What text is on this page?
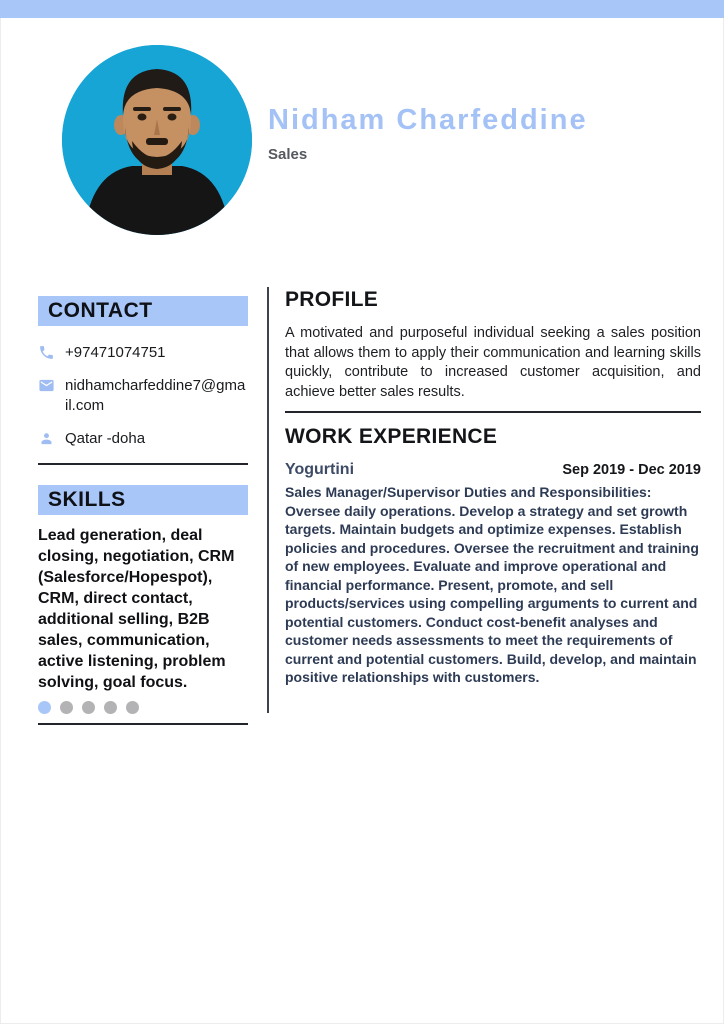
Nidham Charfeddine
Sales
CONTACT
+97471074751
nidhamcharfeddine7@gmail.com
Qatar -doha
SKILLS
Lead generation, deal closing, negotiation, CRM (Salesforce/Hopespot), CRM, direct contact, additional selling, B2B sales, communication, active listening, problem solving, goal focus.
PROFILE

A motivated and purposeful individual seeking a sales position that allows them to apply their communication and learning skills quickly, contribute to increased customer acquisition, and achieve better sales results.

WORK EXPERIENCE
Yogurtini	Sep 2019 - Dec 2019

Sales Manager/Supervisor Duties and Responsibilities: Oversee daily operations. Develop a strategy and set growth targets. Maintain budgets and optimize expenses. Establish policies and procedures. Oversee the recruitment and training of new employees. Evaluate and improve operational and financial performance. Present, promote, and sell products/services using compelling arguments to current and potential customers. Conduct cost-benefit analyses and customer needs assessments to meet the requirements of current and potential customers. Build, develop, and maintain positive relationships with customers.
